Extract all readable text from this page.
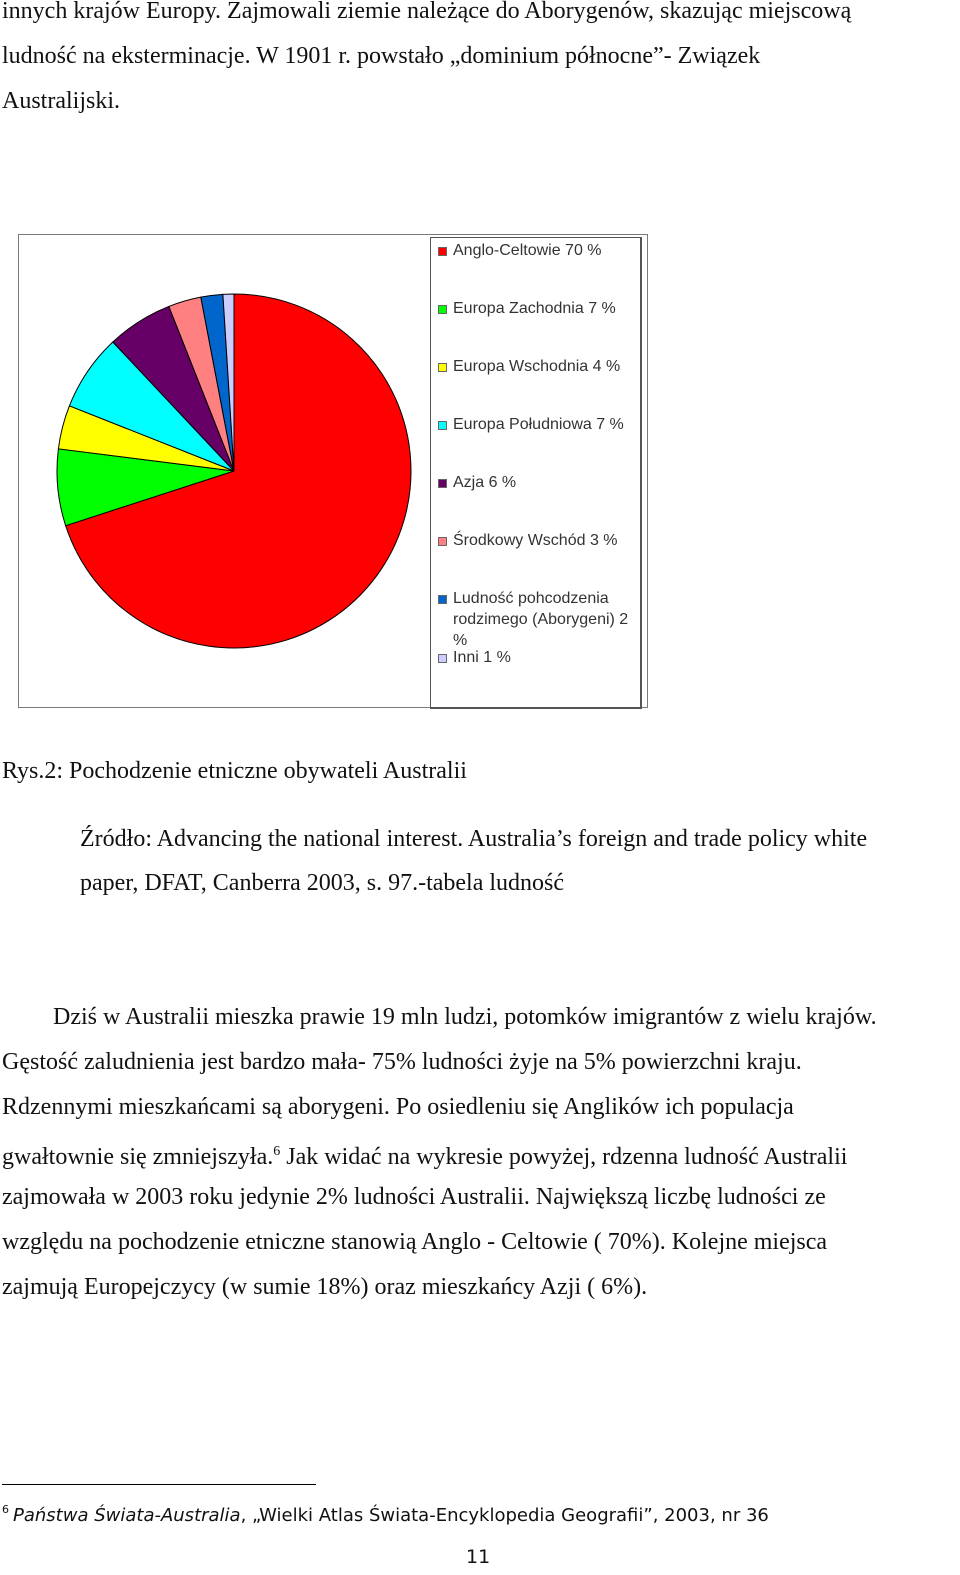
innych krajów Europy. Zajmowali ziemie należące do Aborygenów, skazując miejscową
ludność na eksterminacje. W 1901 r. powstało „dominium północne”- Związek
Australijski.
Anglo-Celtowie 70 %
Europa Zachodnia 7 %
Europa Wschodnia 4 %
Europa Południowa 7 %
Azja 6 %
Środkowy Wschód 3 %
Ludność pohcodzenia rodzimego (Aborygeni) 2 %
Inni 1 %
Rys.2: Pochodzenie etniczne obywateli Australii
Źródło: Advancing the national interest. Australia’s foreign and trade policy white
paper, DFAT, Canberra 2003, s. 97.-tabela ludność
Dziś w Australii mieszka prawie 19 mln ludzi, potomków imigrantów z wielu krajów.
Gęstość zaludnienia jest bardzo mała- 75% ludności żyje na 5% powierzchni kraju.
Rdzennymi mieszkańcami są aborygeni. Po osiedleniu się Anglików ich populacja
gwałtownie się zmniejszyła.$^6$ Jak widać na wykresie powyżej, rdzenna ludność Australii
zajmowała w 2003 roku jedynie 2% ludności Australii. Największą liczbę ludności ze
względu na pochodzenie etniczne stanowią Anglo - Celtowie ( 70%). Kolejne miejsca
zajmują Europejczycy (w sumie 18%) oraz mieszkańcy Azji ( 6%).
$^6$ Państwa Świata-Australia, „Wielki Atlas Świata-Encyklopedia Geografii”, 2003, nr 36
11
